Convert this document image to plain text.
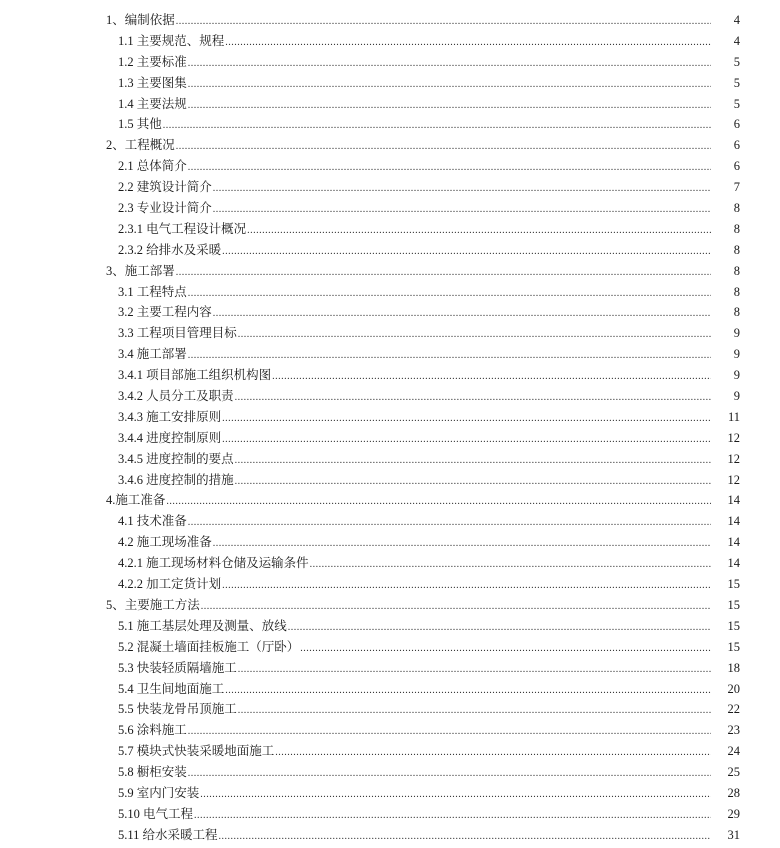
1、编制依据 .....	4
1.1 主要规范、规程 .....	4
1.2 主要标准 .....	5
1.3 主要图集 .....	5
1.4 主要法规 .....	5
1.5 其他 .....	6
2、工程概况 .....	6
2.1 总体简介 .....	6
2.2 建筑设计简介 .....	7
2.3 专业设计简介 .....	8
2.3.1 电气工程设计概况 .....	8
2.3.2 给排水及采暖 .....	8
3、施工部署 .....	8
3.1 工程特点 .....	8
3.2 主要工程内容 .....	8
3.3 工程项目管理目标 .....	9
3.4 施工部署 .....	9
3.4.1 项目部施工组织机构图 .....	9
3.4.2 人员分工及职责 .....	9
3.4.3 施工安排原则 .....	11
3.4.4 进度控制原则 .....	12
3.4.5 进度控制的要点 .....	12
3.4.6 进度控制的措施 .....	12
4.施工准备 .....	14
4.1 技术准备 .....	14
4.2 施工现场准备 .....	14
4.2.1 施工现场材料仓储及运输条件 .....	14
4.2.2 加工定货计划 .....	15
5、主要施工方法 .....	15
5.1 施工基层处理及测量、放线 .....	15
5.2 混凝土墙面挂板施工（厅卧） .....	15
5.3 快装轻质隔墙施工 .....	18
5.4 卫生间地面施工 .....	20
5.5 快装龙骨吊顶施工 .....	22
5.6 涂料施工 .....	23
5.7 模块式快装采暖地面施工 .....	24
5.8 橱柜安装 .....	25
5.9 室内门安装 .....	28
5.10 电气工程 .....	29
5.11 给水采暖工程 .....	31
